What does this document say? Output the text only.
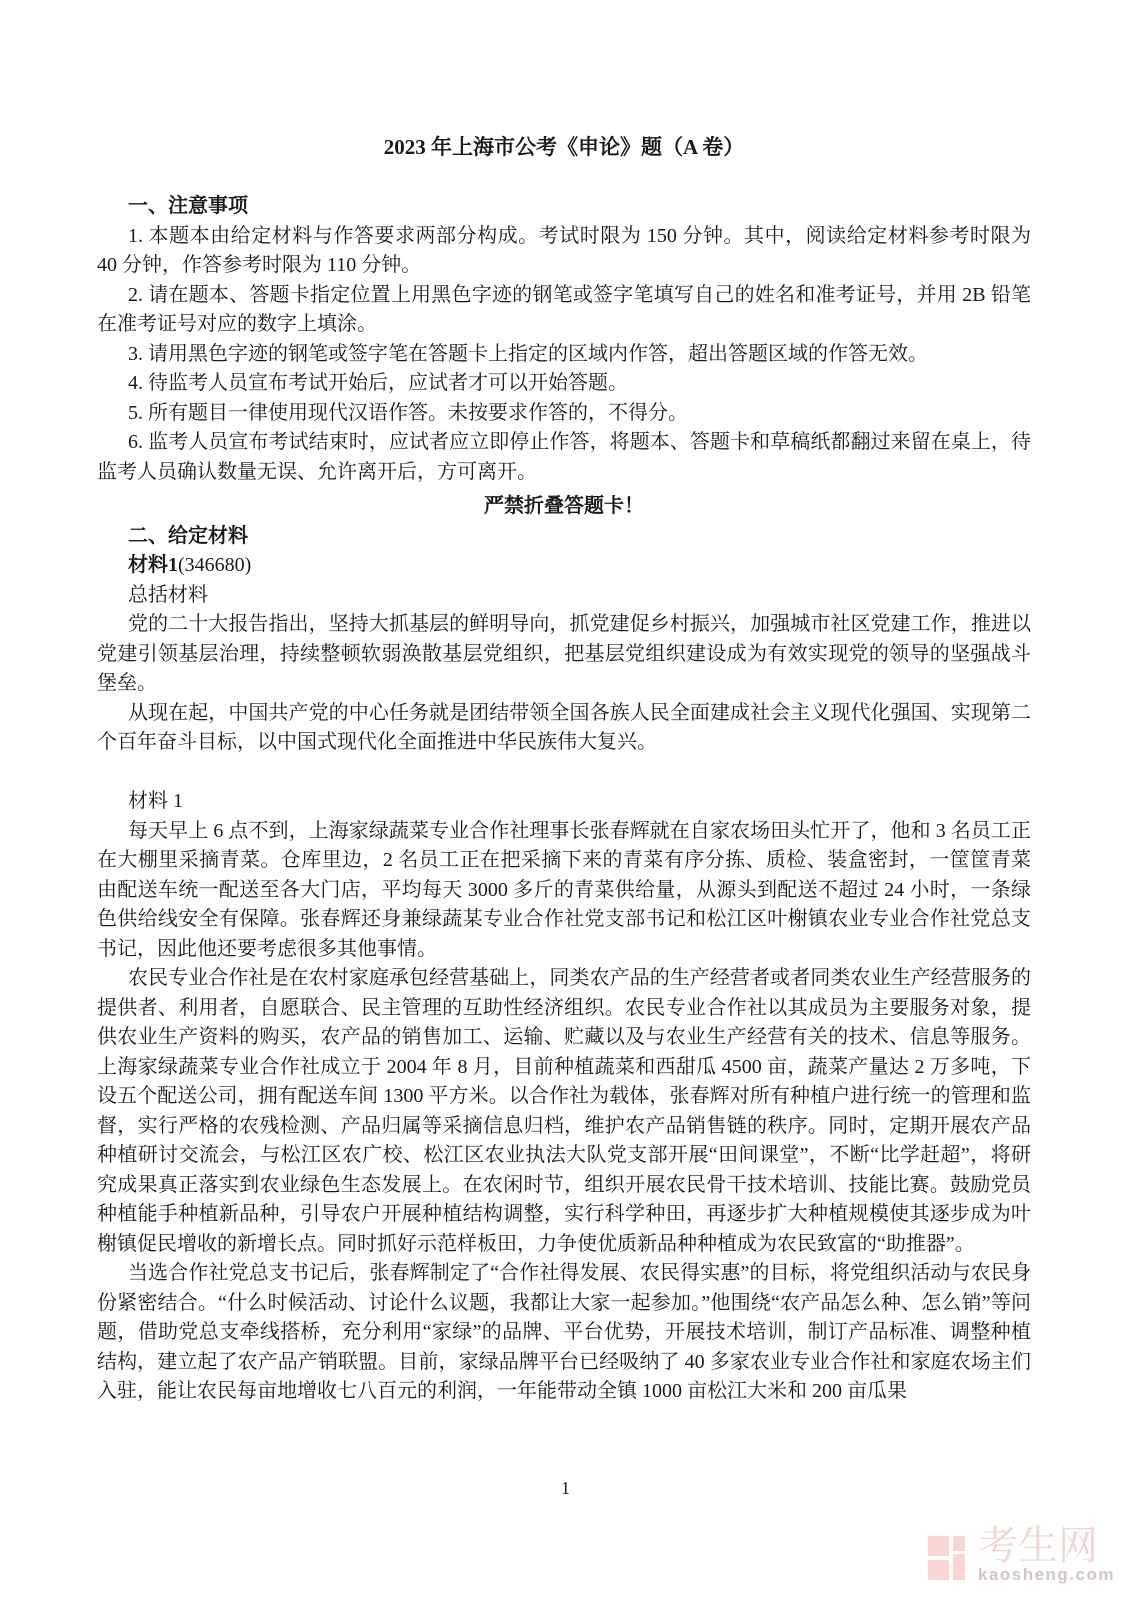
2023 年上海市公考《申论》题（A 卷）

一、注意事项

1. 本题本由给定材料与作答要求两部分构成。考试时限为 150 分钟。其中，阅读给定材料参考时限为 40 分钟，作答参考时限为 110 分钟。

2. 请在题本、答题卡指定位置上用黑色字迹的钢笔或签字笔填写自己的姓名和准考证号，并用 2B 铅笔在准考证号对应的数字上填涂。

3. 请用黑色字迹的钢笔或签字笔在答题卡上指定的区域内作答，超出答题区域的作答无效。

4. 待监考人员宣布考试开始后，应试者才可以开始答题。

5. 所有题目一律使用现代汉语作答。未按要求作答的，不得分。

6. 监考人员宣布考试结束时，应试者应立即停止作答，将题本、答题卡和草稿纸都翻过来留在桌上，待监考人员确认数量无误、允许离开后，方可离开。

严禁折叠答题卡！

二、给定材料

材料1(346680)

总括材料

党的二十大报告指出，坚持大抓基层的鲜明导向，抓党建促乡村振兴，加强城市社区党建工作，推进以党建引领基层治理，持续整顿软弱涣散基层党组织，把基层党组织建设成为有效实现党的领导的坚强战斗堡垒。

从现在起，中国共产党的中心任务就是团结带领全国各族人民全面建成社会主义现代化强国、实现第二个百年奋斗目标，以中国式现代化全面推进中华民族伟大复兴。

材料 1

每天早上 6 点不到，上海家绿蔬菜专业合作社理事长张春辉就在自家农场田头忙开了，他和 3 名员工正在大棚里采摘青菜。仓库里边，2 名员工正在把采摘下来的青菜有序分拣、质检、装盒密封，一筐筐青菜由配送车统一配送至各大门店，平均每天 3000 多斤的青菜供给量，从源头到配送不超过 24 小时，一条绿色供给线安全有保障。张春辉还身兼绿蔬某专业合作社党支部书记和松江区叶榭镇农业专业合作社党总支书记，因此他还要考虑很多其他事情。

农民专业合作社是在农村家庭承包经营基础上，同类农产品的生产经营者或者同类农业生产经营服务的提供者、利用者，自愿联合、民主管理的互助性经济组织。农民专业合作社以其成员为主要服务对象，提供农业生产资料的购买，农产品的销售加工、运输、贮藏以及与农业生产经营有关的技术、信息等服务。上海家绿蔬菜专业合作社成立于 2004 年 8 月，目前种植蔬菜和西甜瓜 4500 亩，蔬菜产量达 2 万多吨，下设五个配送公司，拥有配送车间 1300 平方米。以合作社为载体，张春辉对所有种植户进行统一的管理和监督，实行严格的农残检测、产品归属等采摘信息归档，维护农产品销售链的秩序。同时，定期开展农产品种植研讨交流会，与松江区农广校、松江区农业执法大队党支部开展“田间课堂”，不断“比学赶超”，将研究成果真正落实到农业绿色生态发展上。在农闲时节，组织开展农民骨干技术培训、技能比赛。鼓励党员种植能手种植新品种，引导农户开展种植结构调整，实行科学种田，再逐步扩大种植规模使其逐步成为叶榭镇促民增收的新增长点。同时抓好示范样板田，力争使优质新品种种植成为农民致富的“助推器”。

当选合作社党总支书记后，张春辉制定了“合作社得发展、农民得实惠”的目标，将党组织活动与农民身份紧密结合。“什么时候活动、讨论什么议题，我都让大家一起参加。”他围绕“农产品怎么种、怎么销”等问题，借助党总支牵线搭桥，充分利用“家绿”的品牌、平台优势，开展技术培训，制订产品标准、调整种植结构，建立起了农产品产销联盟。目前，家绿品牌平台已经吸纳了 40 多家农业专业合作社和家庭农场主们入驻，能让农民每亩地增收七八百元的利润，一年能带动全镇 1000 亩松江大米和 200 亩瓜果

1
考生网
kaosheng.com
